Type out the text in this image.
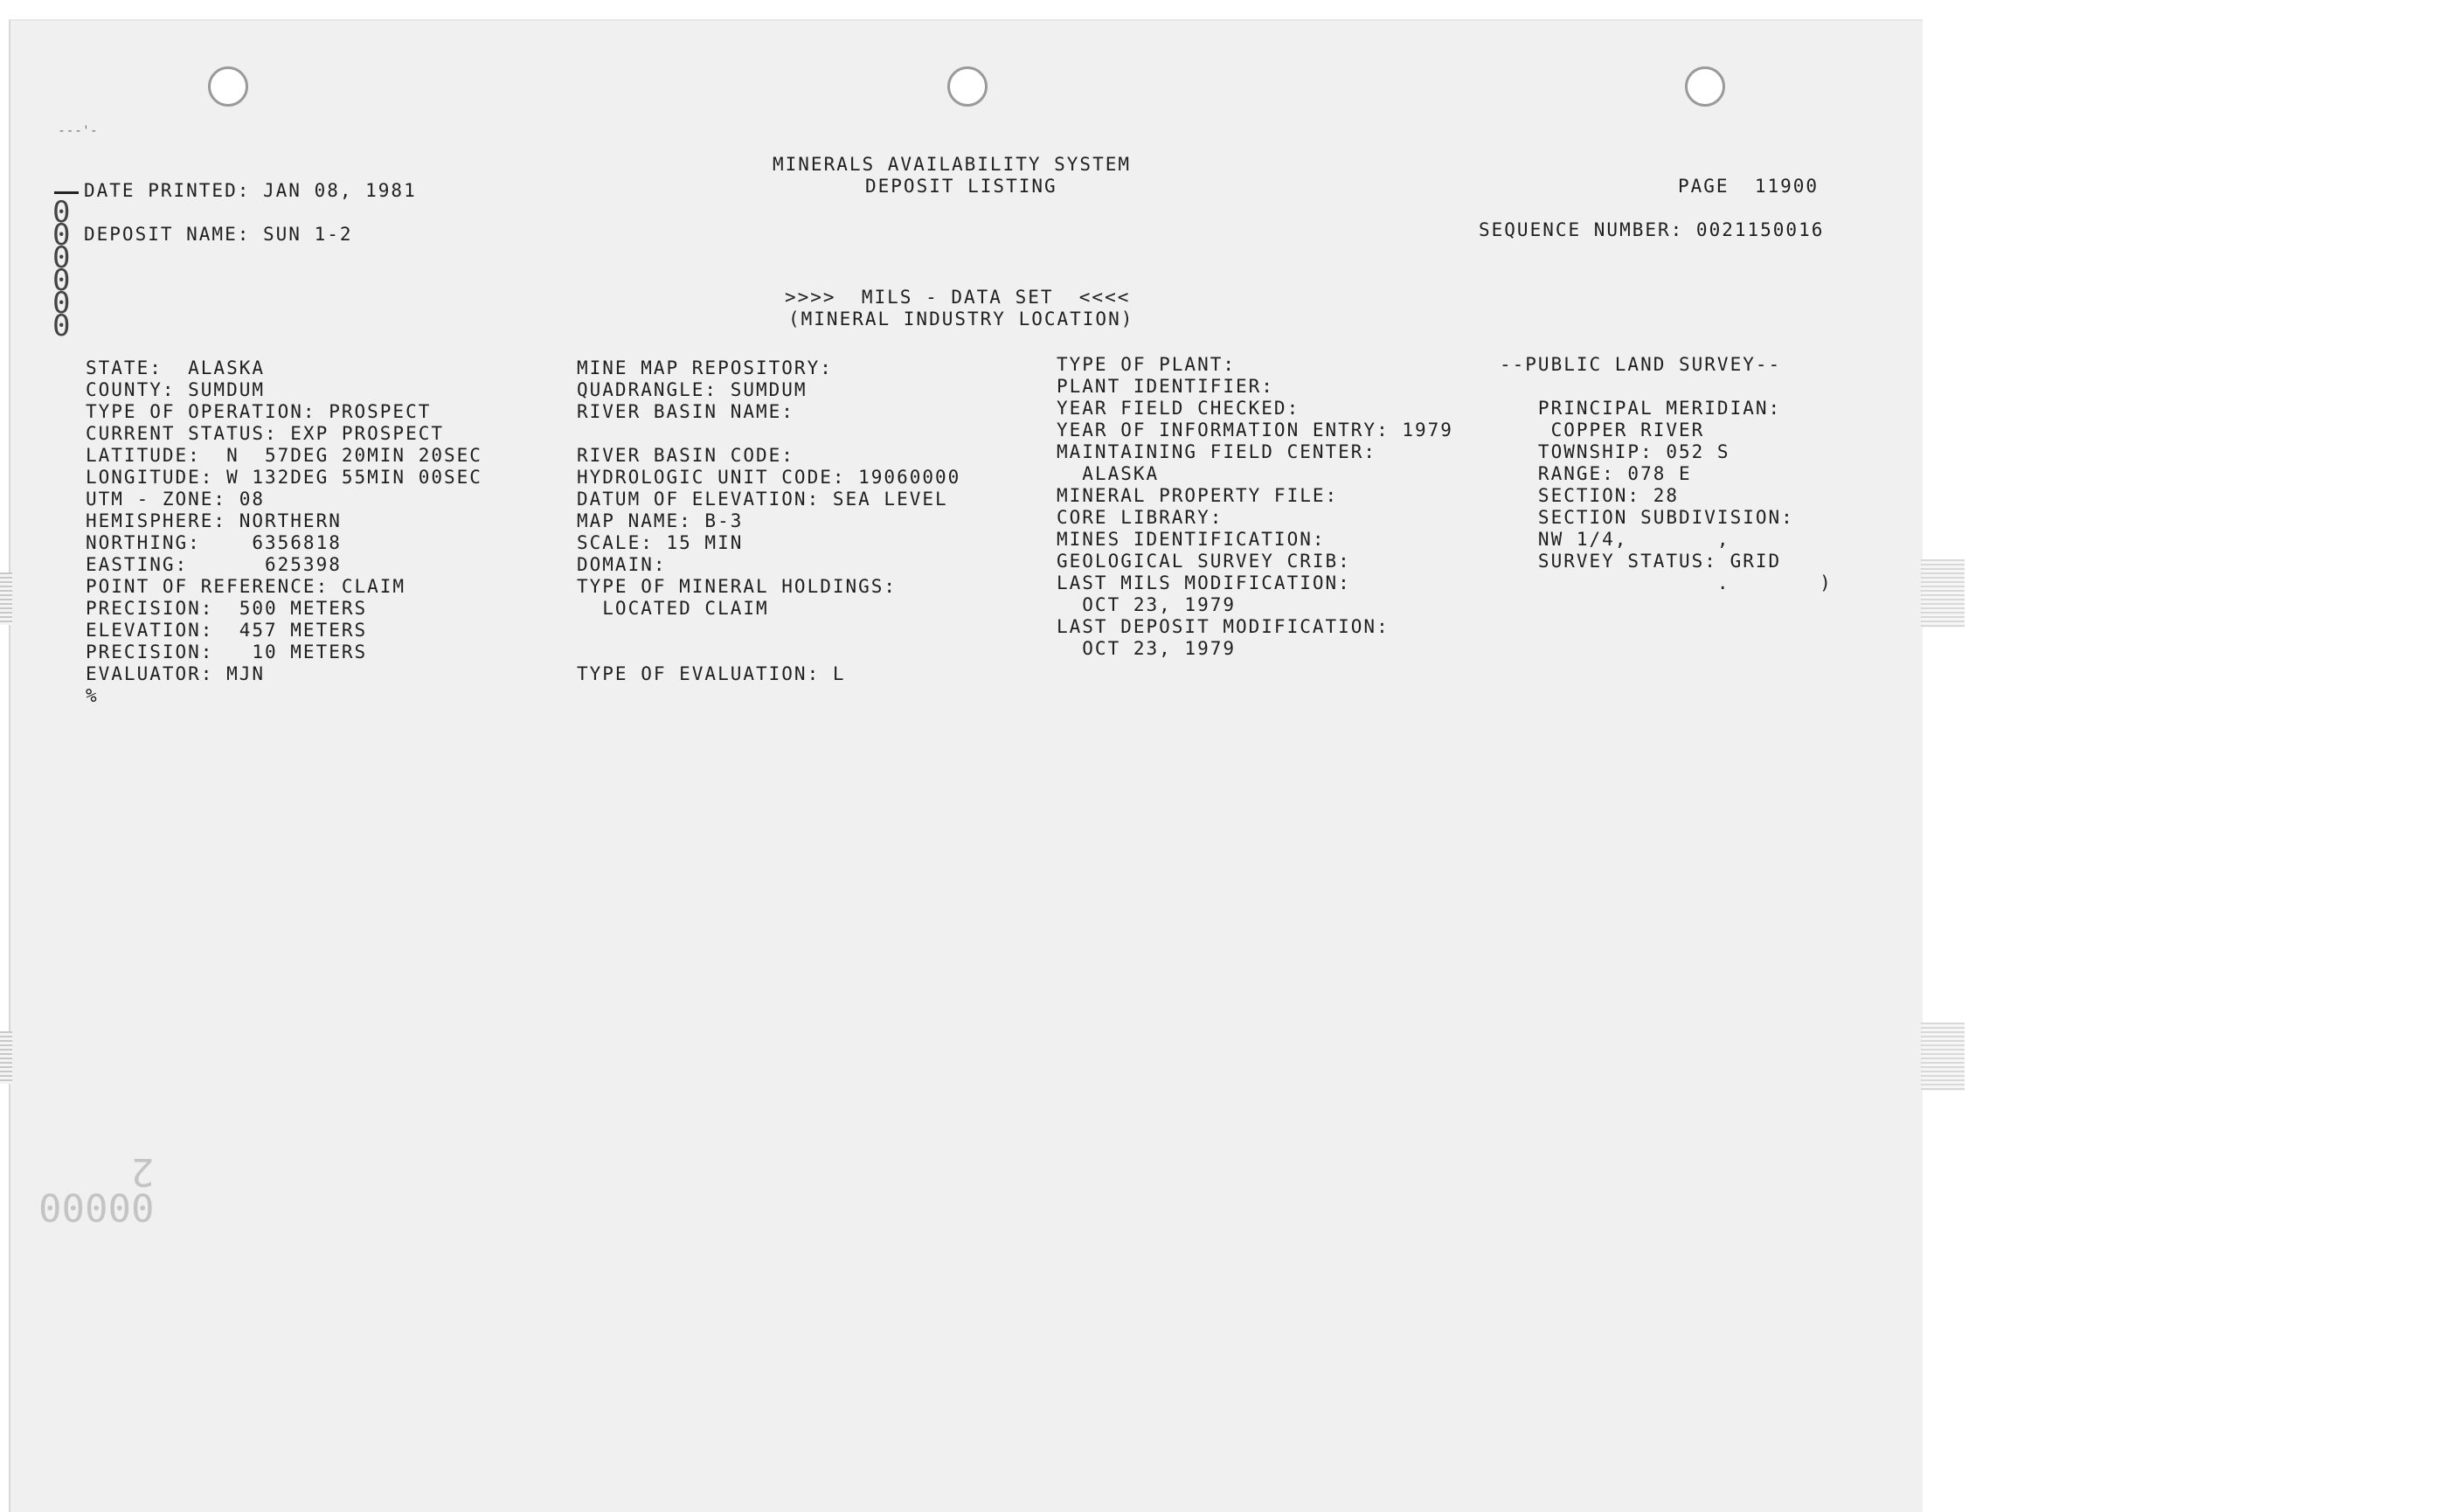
- - - ' -
0
0
0
0
0
0
00000
2

MINERALS AVAILABILITY SYSTEM

DEPOSIT LISTING

DATE PRINTED: JAN 08, 1981	PAGE  11900

DEPOSIT NAME: SUN 1-2	SEQUENCE NUMBER: 0021150016

>>>>  MILS - DATA SET  <<<<

(MINERAL INDUSTRY LOCATION)

STATE:  ALASKA

COUNTY: SUMDUM

TYPE OF OPERATION: PROSPECT

CURRENT STATUS: EXP PROSPECT

LATITUDE:  N  57DEG 20MIN 20SEC

LONGITUDE: W 132DEG 55MIN 00SEC

UTM - ZONE: 08

HEMISPHERE: NORTHERN

NORTHING:    6356818

EASTING:      625398

POINT OF REFERENCE: CLAIM

PRECISION:  500 METERS

ELEVATION:  457 METERS

PRECISION:   10 METERS

EVALUATOR: MJN

%

MINE MAP REPOSITORY:

QUADRANGLE: SUMDUM

RIVER BASIN NAME:

RIVER BASIN CODE:

HYDROLOGIC UNIT CODE: 19060000

DATUM OF ELEVATION: SEA LEVEL

MAP NAME: B-3

SCALE: 15 MIN

DOMAIN:

TYPE OF MINERAL HOLDINGS:

LOCATED CLAIM

TYPE OF EVALUATION: L

TYPE OF PLANT:

PLANT IDENTIFIER:

YEAR FIELD CHECKED:

YEAR OF INFORMATION ENTRY: 1979

MAINTAINING FIELD CENTER:

ALASKA

MINERAL PROPERTY FILE:

CORE LIBRARY:

MINES IDENTIFICATION:

GEOLOGICAL SURVEY CRIB:

LAST MILS MODIFICATION:

OCT 23, 1979

LAST DEPOSIT MODIFICATION:

OCT 23, 1979

--PUBLIC LAND SURVEY--

PRINCIPAL MERIDIAN:

COPPER RIVER

TOWNSHIP: 052 S

RANGE: 078 E

SECTION: 28

SECTION SUBDIVISION:

NW 1/4,       ,

SURVEY STATUS: GRID

.       )
